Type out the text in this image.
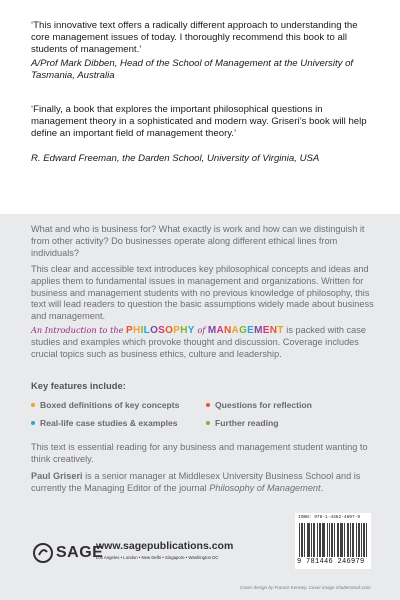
‘This innovative text offers a radically different approach to understanding the core management issues of today. I thoroughly recommend this book to all students of management.’
A/Prof Mark Dibben, Head of the School of Management at the University of Tasmania, Australia
‘Finally, a book that explores the important philosophical questions in management theory in a sophisticated and modern way. Griseri’s book will help define an important field of management theory.’
R. Edward Freeman, the Darden School, University of Virginia, USA
What and who is business for? What exactly is work and how can we distinguish it from other activity? Do businesses operate along different ethical lines from individuals?
This clear and accessible text introduces key philosophical concepts and ideas and applies them to fundamental issues in management and organizations. Written for business and management students with no previous knowledge of philosophy, this text will lead readers to question the basic assumptions widely made about business and management.
An Introduction to the PHILOSOPHY of MANAGEMENT is packed with case studies and examples which provoke thought and discussion. Coverage includes crucial topics such as business ethics, culture and leadership.
Key features include:
Boxed definitions of key concepts	Questions for reflection
Real-life case studies & examples	Further reading
This text is essential reading for any business and management student wanting to think creatively.
Paul Griseri is a senior manager at Middlesex University Business School and is currently the Managing Editor of the journal Philosophy of Management.
SAGE
www.sagepublications.com
Los Angeles • London • New Delhi • Singapore • Washington DC
ISBN: 978-1-4462-4697-9
9 781446 246979
Cover design by Francis Kenney. Cover image shutterstock.com
